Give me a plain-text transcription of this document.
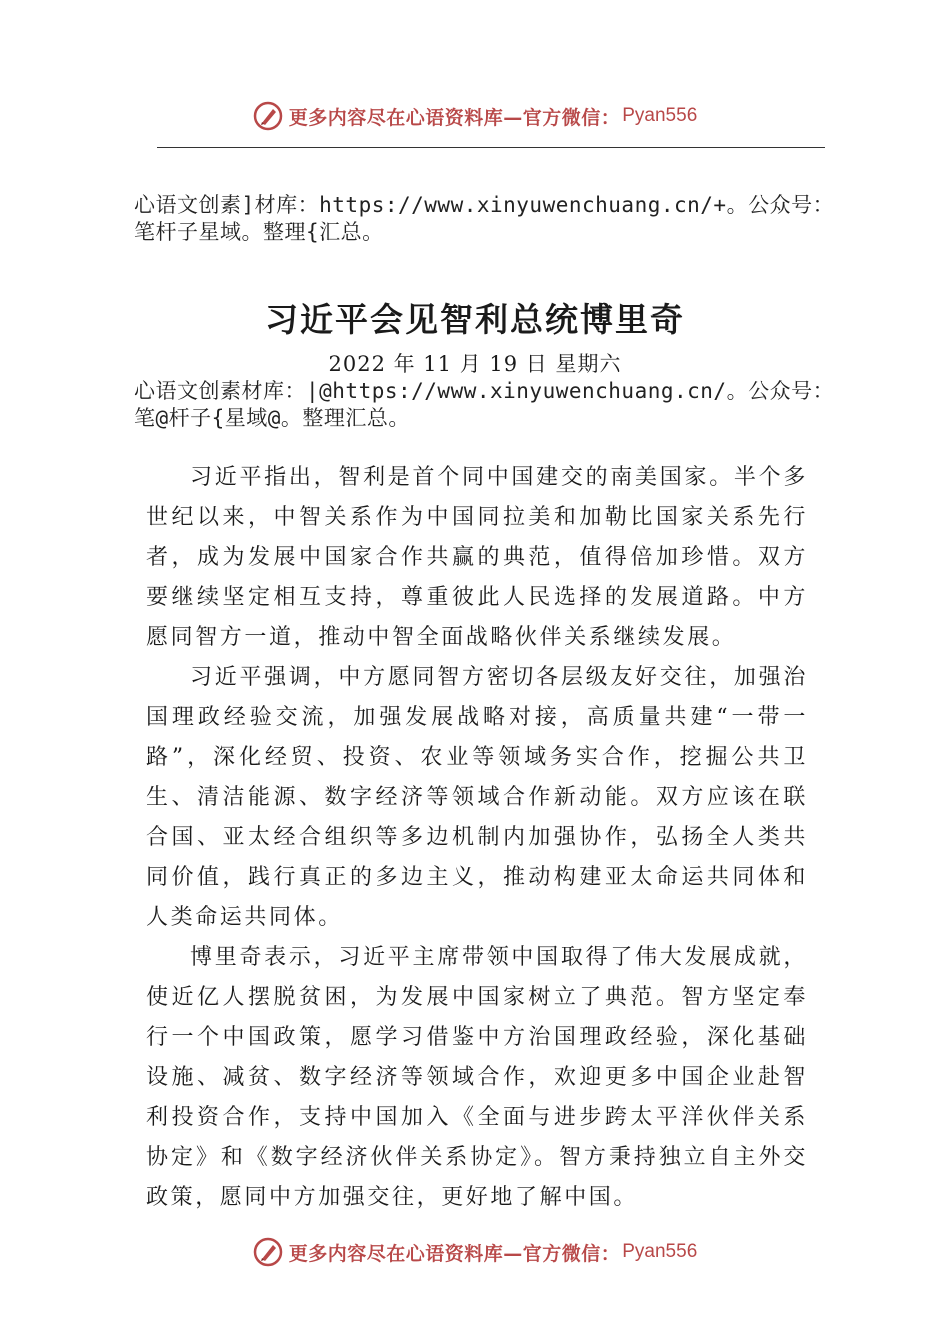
更多内容尽在心语资料库—官方微信： Pyan556
心语文创素]材库：https://www.xinyuwenchuang.cn/+。公众号：笔杆子星域。整理{汇总。
习近平会见智利总统博里奇
2022 年 11 月 19 日 星期六
心语文创素材库：|@https://www.xinyuwenchuang.cn/。公众号：笔@杆子{星域@。整理汇总。

习近平指出，智利是首个同中国建交的南美国家。半个多世纪以来，中智关系作为中国同拉美和加勒比国家关系先行者，成为发展中国家合作共赢的典范，值得倍加珍惜。双方要继续坚定相互支持，尊重彼此人民选择的发展道路。中方愿同智方一道，推动中智全面战略伙伴关系继续发展。

习近平强调，中方愿同智方密切各层级友好交往，加强治国理政经验交流，加强发展战略对接，高质量共建“一带一路”，深化经贸、投资、农业等领域务实合作，挖掘公共卫生、清洁能源、数字经济等领域合作新动能。双方应该在联合国、亚太经合组织等多边机制内加强协作，弘扬全人类共同价值，践行真正的多边主义，推动构建亚太命运共同体和人类命运共同体。

博里奇表示，习近平主席带领中国取得了伟大发展成就，使近亿人摆脱贫困，为发展中国家树立了典范。智方坚定奉行一个中国政策，愿学习借鉴中方治国理政经验，深化基础设施、减贫、数字经济等领域合作，欢迎更多中国企业赴智利投资合作，支持中国加入《全面与进步跨太平洋伙伴关系协定》和《数字经济伙伴关系协定》。智方秉持独立自主外交 政策，愿同中方加强交往，更好地了解中国。

更多内容尽在心语资料库—官方微信： Pyan556
